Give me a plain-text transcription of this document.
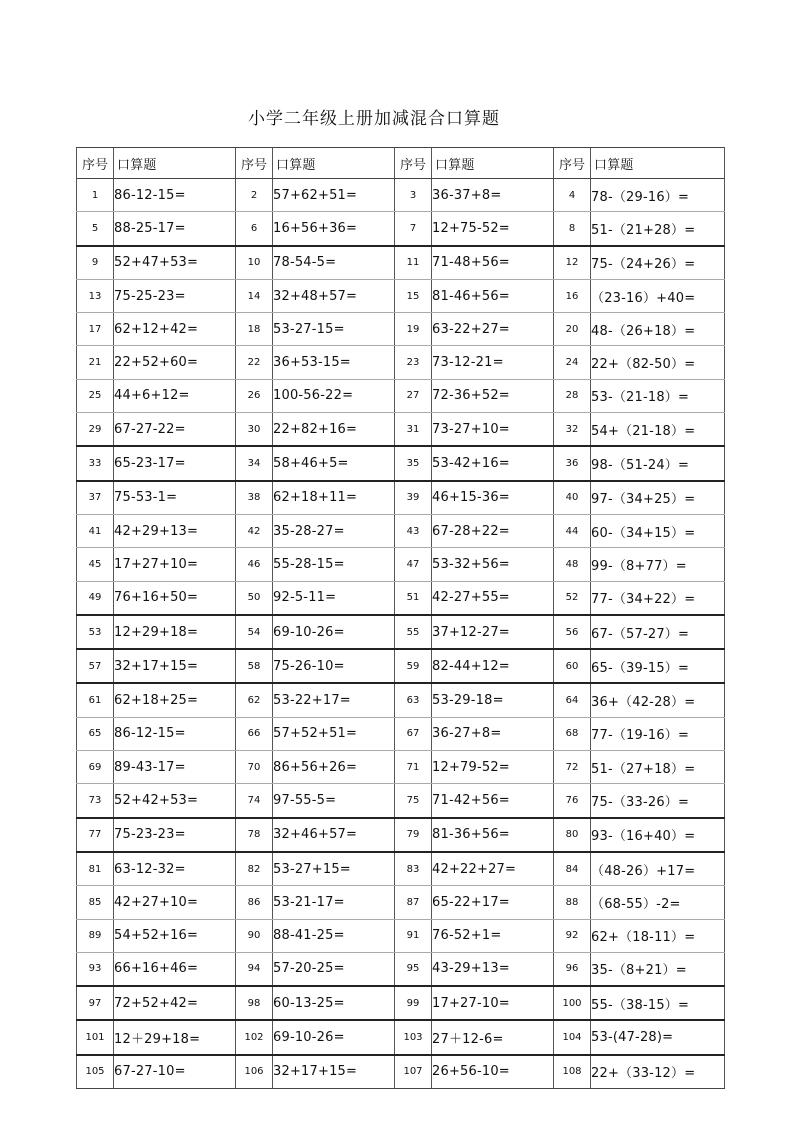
小学二年级上册加减混合口算题
序号	口算题	序号	口算题	序号	口算题	序号	口算题
1	86-12-15=	2	57+62+51=	3	36-37+8=	4	78-（29-16）=
5	88-25-17=	6	16+56+36=	7	12+75-52=	8	51-（21+28）=
9	52+47+53=	10	78-54-5=	11	71-48+56=	12	75-（24+26）=
13	75-25-23=	14	32+48+57=	15	81-46+56=	16	（23-16）+40=
17	62+12+42=	18	53-27-15=	19	63-22+27=	20	48-（26+18）=
21	22+52+60=	22	36+53-15=	23	73-12-21=	24	22+（82-50）=
25	44+6+12=	26	100-56-22=	27	72-36+52=	28	53-（21-18）=
29	67-27-22=	30	22+82+16=	31	73-27+10=	32	54+（21-18）=
33	65-23-17=	34	58+46+5=	35	53-42+16=	36	98-（51-24）=
37	75-53-1=	38	62+18+11=	39	46+15-36=	40	97-（34+25）=
41	42+29+13=	42	35-28-27=	43	67-28+22=	44	60-（34+15）=
45	17+27+10=	46	55-28-15=	47	53-32+56=	48	99-（8+77）=
49	76+16+50=	50	92-5-11=	51	42-27+55=	52	77-（34+22）=
53	12+29+18=	54	69-10-26=	55	37+12-27=	56	67-（57-27）=
57	32+17+15=	58	75-26-10=	59	82-44+12=	60	65-（39-15）=
61	62+18+25=	62	53-22+17=	63	53-29-18=	64	36+（42-28）=
65	86-12-15=	66	57+52+51=	67	36-27+8=	68	77-（19-16）=
69	89-43-17=	70	86+56+26=	71	12+79-52=	72	51-（27+18）=
73	52+42+53=	74	97-55-5=	75	71-42+56=	76	75-（33-26）=
77	75-23-23=	78	32+46+57=	79	81-36+56=	80	93-（16+40）=
81	63-12-32=	82	53-27+15=	83	42+22+27=	84	（48-26）+17=
85	42+27+10=	86	53-21-17=	87	65-22+17=	88	（68-55）-2=
89	54+52+16=	90	88-41-25=	91	76-52+1=	92	62+（18-11）=
93	66+16+46=	94	57-20-25=	95	43-29+13=	96	35-（8+21）=
97	72+52+42=	98	60-13-25=	99	17+27-10=	100	55-（38-15）=
101	12＋29+18=	102	69-10-26=	103	27＋12-6=	104	53-(47-28)=
105	67-27-10=	106	32+17+15=	107	26+56-10=	108	22+（33-12）=
